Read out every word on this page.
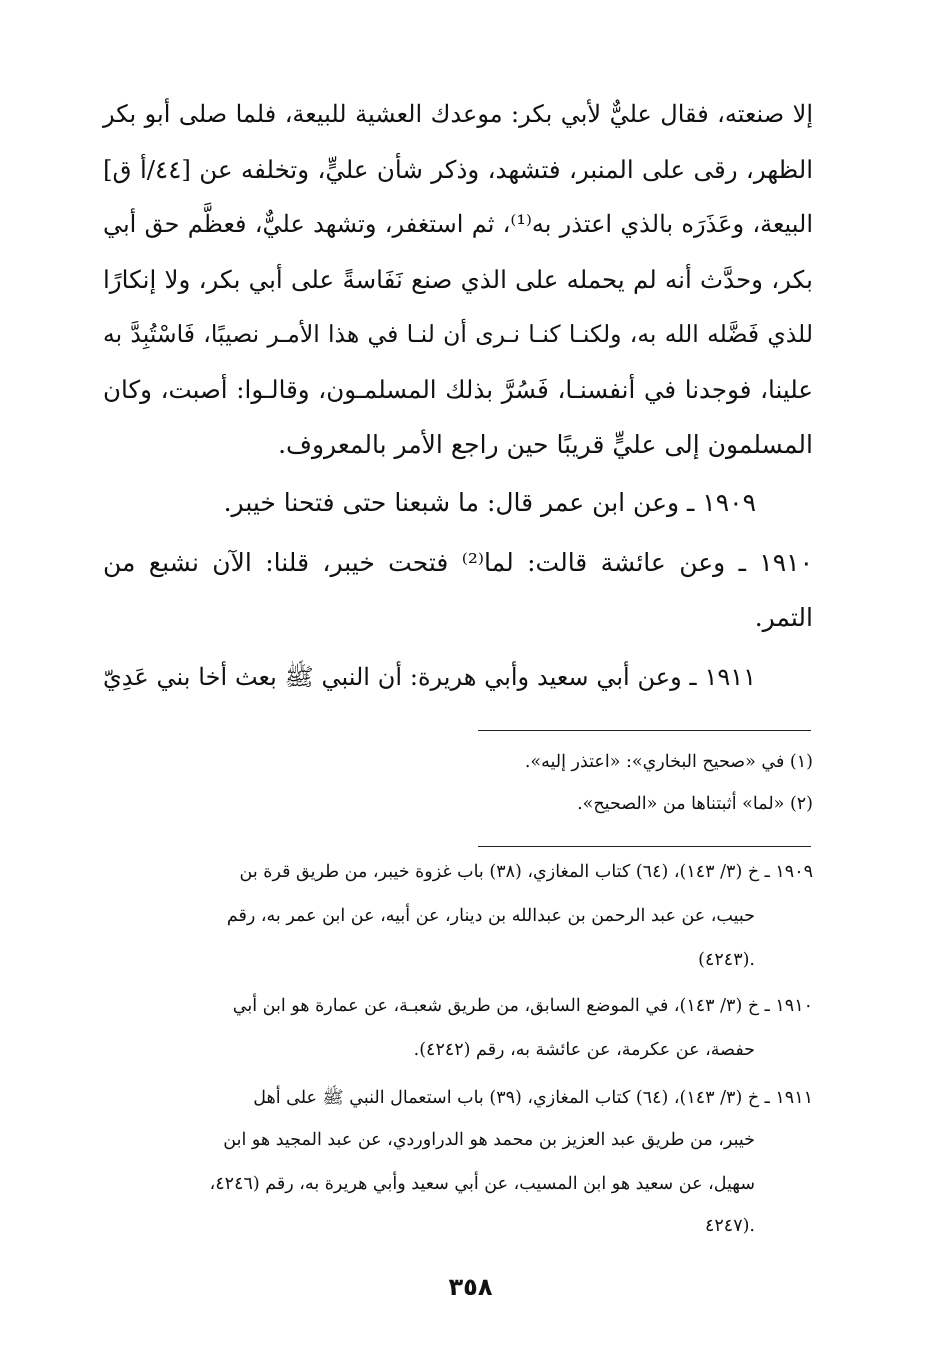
إلا صنعته، فقال عليٌّ لأبي بكر: موعدك العشية للبيعة، فلما صلى أبو بكر
الظهر، رقى على المنبر، فتشهد، وذكر شأن عليٍّ، وتخلفه عن [٤٤/أ ق]
البيعة، وعَذَرَه بالذي اعتذر به⁽¹⁾، ثم استغفر، وتشهد عليٌّ، فعظَّم حق أبي
بكر، وحدَّث أنه لم يحمله على الذي صنع نَفَاسةً على أبي بكر، ولا إنكارًا
للذي فَضَّله الله به، ولكنـا كنـا نـرى أن لنـا في هذا الأمـر نصيبًا، فَاسْتُبِدَّ به
علينا، فوجدنا في أنفسنـا، فَسُرَّ بذلك المسلمـون، وقالـوا: أصبت، وكان
المسلمون إلى عليٍّ قريبًا حين راجع الأمر بالمعروف.
١٩٠٩ ـ وعن ابن عمر قال: ما شبعنا حتى فتحنا خيبر.
١٩١٠ ـ وعن عائشة قالت: لما⁽²⁾ فتحت خيبر، قلنا: الآن نشبع من
التمر.
١٩١١ ـ وعن أبي سعيد وأبي هريرة: أن النبي ﷺ بعث أخا بني عَدِيّ
(١) في «صحيح البخاري»: «اعتذر إليه».
(٢) «لما» أثبتناها من «الصحيح».
١٩٠٩ ـ خ (٣/ ١٤٣)، (٦٤) كتاب المغازي، (٣٨) باب غزوة خيبر، من طريق قرة بن
حبيب، عن عبد الرحمن بن عبدالله بن دينار، عن أبيه، عن ابن عمر به، رقم
(٤٢٤٣).
١٩١٠ ـ خ (٣/ ١٤٣)، في الموضع السابق، من طريق شعبـة، عن عمارة هو ابن أبي
حفصة، عن عكرمة، عن عائشة به، رقم (٤٢٤٢).
١٩١١ ـ خ (٣/ ١٤٣)، (٦٤) كتاب المغازي، (٣٩) باب استعمال النبي ﷺ على أهل
خيبر، من طريق عبد العزيز بن محمد هو الدراوردي، عن عبد المجيد هو ابن
سهيل، عن سعيد هو ابن المسيب، عن أبي سعيد وأبي هريرة به، رقم (٤٢٤٦،
٤٢٤٧).
٣٥٨
